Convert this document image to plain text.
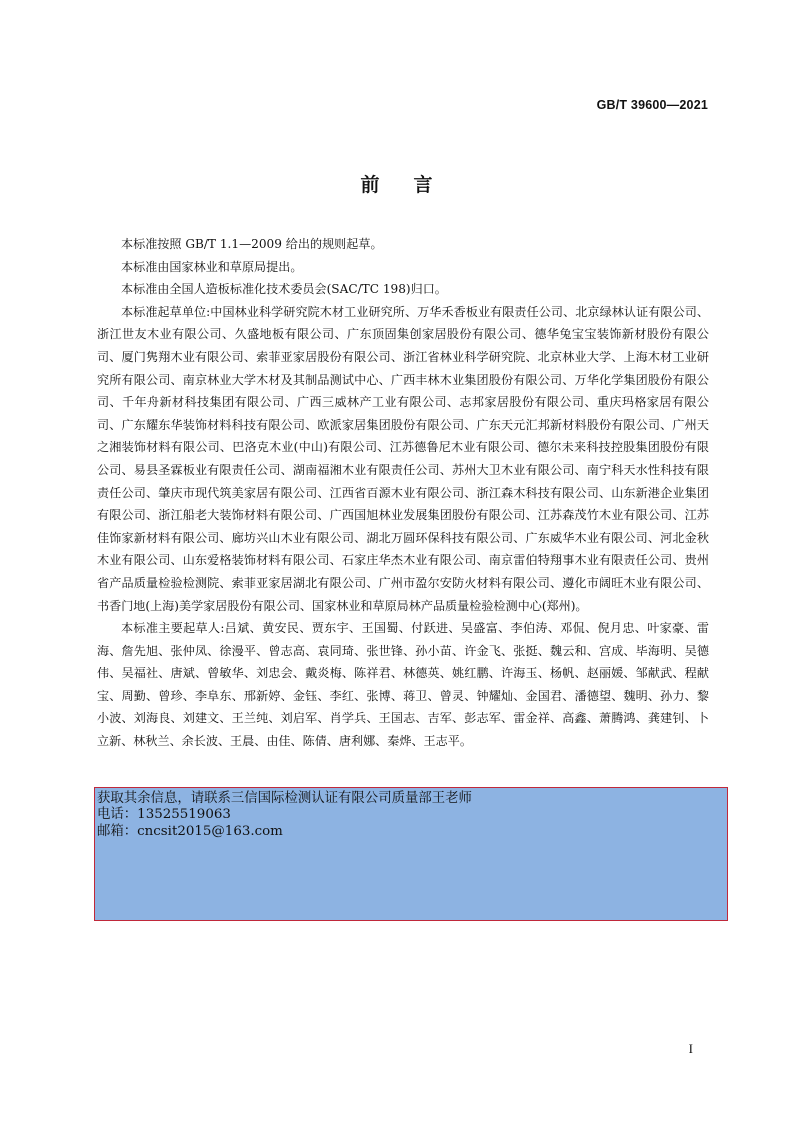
GB/T 39600—2021
前言

本标准按照 GB/T 1.1—2009 给出的规则起草。

本标准由国家林业和草原局提出。

本标准由全国人造板标准化技术委员会(SAC/TC 198)归口。

本标准起草单位:中国林业科学研究院木材工业研究所、万华禾香板业有限责任公司、北京绿林认证有限公司、浙江世友木业有限公司、久盛地板有限公司、广东顶固集创家居股份有限公司、德华兔宝宝装饰新材股份有限公司、厦门隽翔木业有限公司、索菲亚家居股份有限公司、浙江省林业科学研究院、北京林业大学、上海木材工业研究所有限公司、南京林业大学木材及其制品测试中心、广西丰林木业集团股份有限公司、万华化学集团股份有限公司、千年舟新材科技集团有限公司、广西三威林产工业有限公司、志邦家居股份有限公司、重庆玛格家居有限公司、广东耀东华装饰材料科技有限公司、欧派家居集团股份有限公司、广东天元汇邦新材料股份有限公司、广州天之湘装饰材料有限公司、巴洛克木业(中山)有限公司、江苏德鲁尼木业有限公司、德尔未来科技控股集团股份有限公司、易县圣霖板业有限责任公司、湖南福湘木业有限责任公司、苏州大卫木业有限公司、南宁科天水性科技有限责任公司、肇庆市现代筑美家居有限公司、江西省百源木业有限公司、浙江森木科技有限公司、山东新港企业集团有限公司、浙江船老大装饰材料有限公司、广西国旭林业发展集团股份有限公司、江苏森茂竹木业有限公司、江苏佳饰家新材料有限公司、廊坊兴山木业有限公司、湖北万圆环保科技有限公司、广东威华木业有限公司、河北金秋木业有限公司、山东爱格装饰材料有限公司、石家庄华杰木业有限公司、南京雷伯特翔事木业有限责任公司、贵州省产品质量检验检测院、索菲亚家居湖北有限公司、广州市盈尔安防火材料有限公司、遵化市阔旺木业有限公司、书香门地(上海)美学家居股份有限公司、国家林业和草原局林产品质量检验检测中心(郑州)。

本标准主要起草人:吕斌、黄安民、贾东宇、王国蜀、付跃进、吴盛富、李伯涛、邓侃、倪月忠、叶家豪、雷海、詹先旭、张仲凤、徐漫平、曾志高、袁同琦、张世锋、孙小苗、许金飞、张挺、魏云和、宫成、毕海明、吴德伟、吴福社、唐斌、曾敏华、刘忠会、戴炎梅、陈祥君、林德英、姚红鹏、许海玉、杨帆、赵丽媛、邹献武、程献宝、周勤、曾珍、李阜东、邢新婷、金钰、李红、张博、蒋卫、曾灵、钟耀灿、金国君、潘德望、魏明、孙力、黎小波、刘海良、刘建文、王兰纯、刘启军、肖学兵、王国志、吉军、彭志军、雷金祥、高鑫、萧腾鸿、龚建钊、卜立新、林秋兰、余长波、王晨、由佳、陈倩、唐利娜、秦烨、王志平。

获取其余信息，请联系三信国际检测认证有限公司质量部王老师
电话：13525519063
邮箱：cncsit2015@163.com
I
